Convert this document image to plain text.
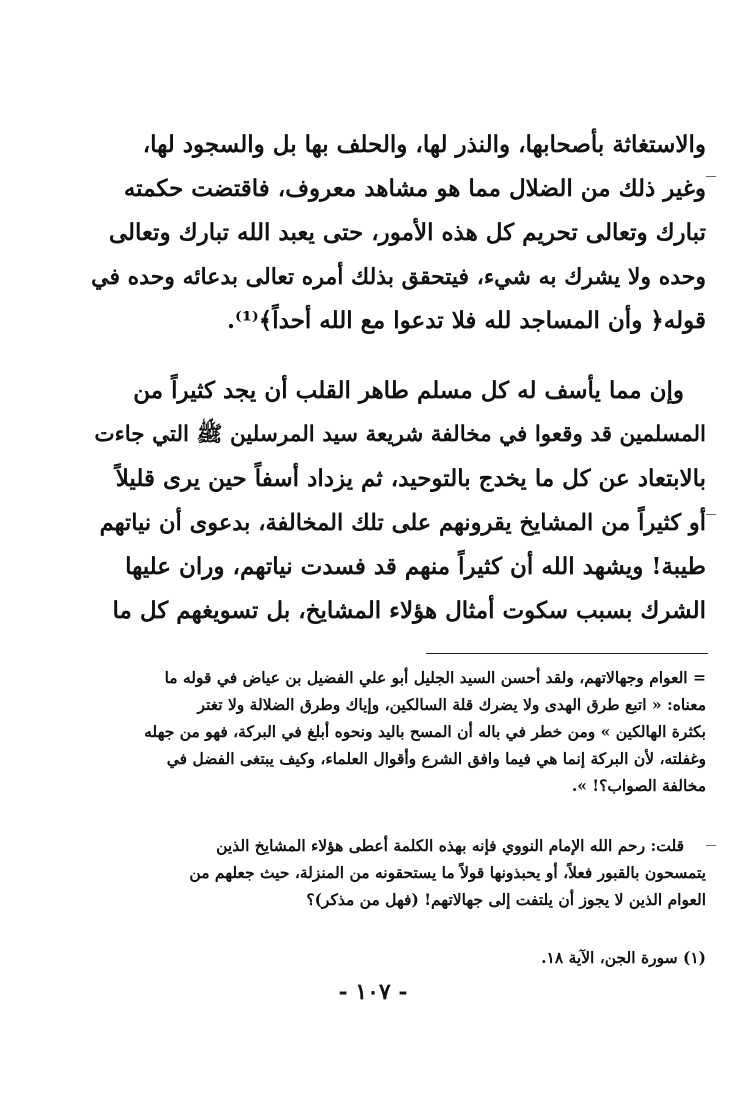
والاستغاثة بأصحابها، والنذر لها، والحلف بها بل والسجود لها،
وغير ذلك من الضلال مما هو مشاهد معروف، فاقتضت حكمته
تبارك وتعالى تحريم كل هذه الأمور، حتى يعبد الله تبارك وتعالى
وحده ولا يشرك به شيء، فيتحقق بذلك أمره تعالى بدعائه وحده في
قوله﴿ وأن المساجد لله فلا تدعوا مع الله أحداً﴾⁽¹⁾.
وإن مما يأسف له كل مسلم طاهر القلب أن يجد كثيراً من
المسلمين قد وقعوا في مخالفة شريعة سيد المرسلين ﷺ التي جاءت
بالابتعاد عن كل ما يخدج بالتوحيد، ثم يزداد أسفاً حين يرى قليلاً
أو كثيراً من المشايخ يقرونهم على تلك المخالفة، بدعوى أن نياتهم
طيبة! ويشهد الله أن كثيراً منهم قد فسدت نياتهم، وران عليها
الشرك بسبب سكوت أمثال هؤلاء المشايخ، بل تسويغهم كل ما
= العوام وجهالاتهم، ولقد أحسن السيد الجليل أبو علي الفضيل بن عياض في قوله ما
معناه: « اتبع طرق الهدى ولا يضرك قلة السالكين، وإياك وطرق الضلالة ولا تغتر
بكثرة الهالكين » ومن خطر في باله أن المسح باليد ونحوه أبلغ في البركة، فهو من جهله
وغفلته، لأن البركة إنما هي فيما وافق الشرع وأقوال العلماء، وكيف يبتغى الفضل في
مخالفة الصواب؟! ».
قلت: رحم الله الإمام النووي فإنه بهذه الكلمة أعطى هؤلاء المشايخ الذين
يتمسحون بالقبور فعلاً، أو يحبذونها قولاً ما يستحقونه من المنزلة، حيث جعلهم من
العوام الذين لا يجوز أن يلتفت إلى جهالاتهم! (فهل من مذكر)؟
(١) سورة الجن، الآية ١٨.
- ١٠٧ -
